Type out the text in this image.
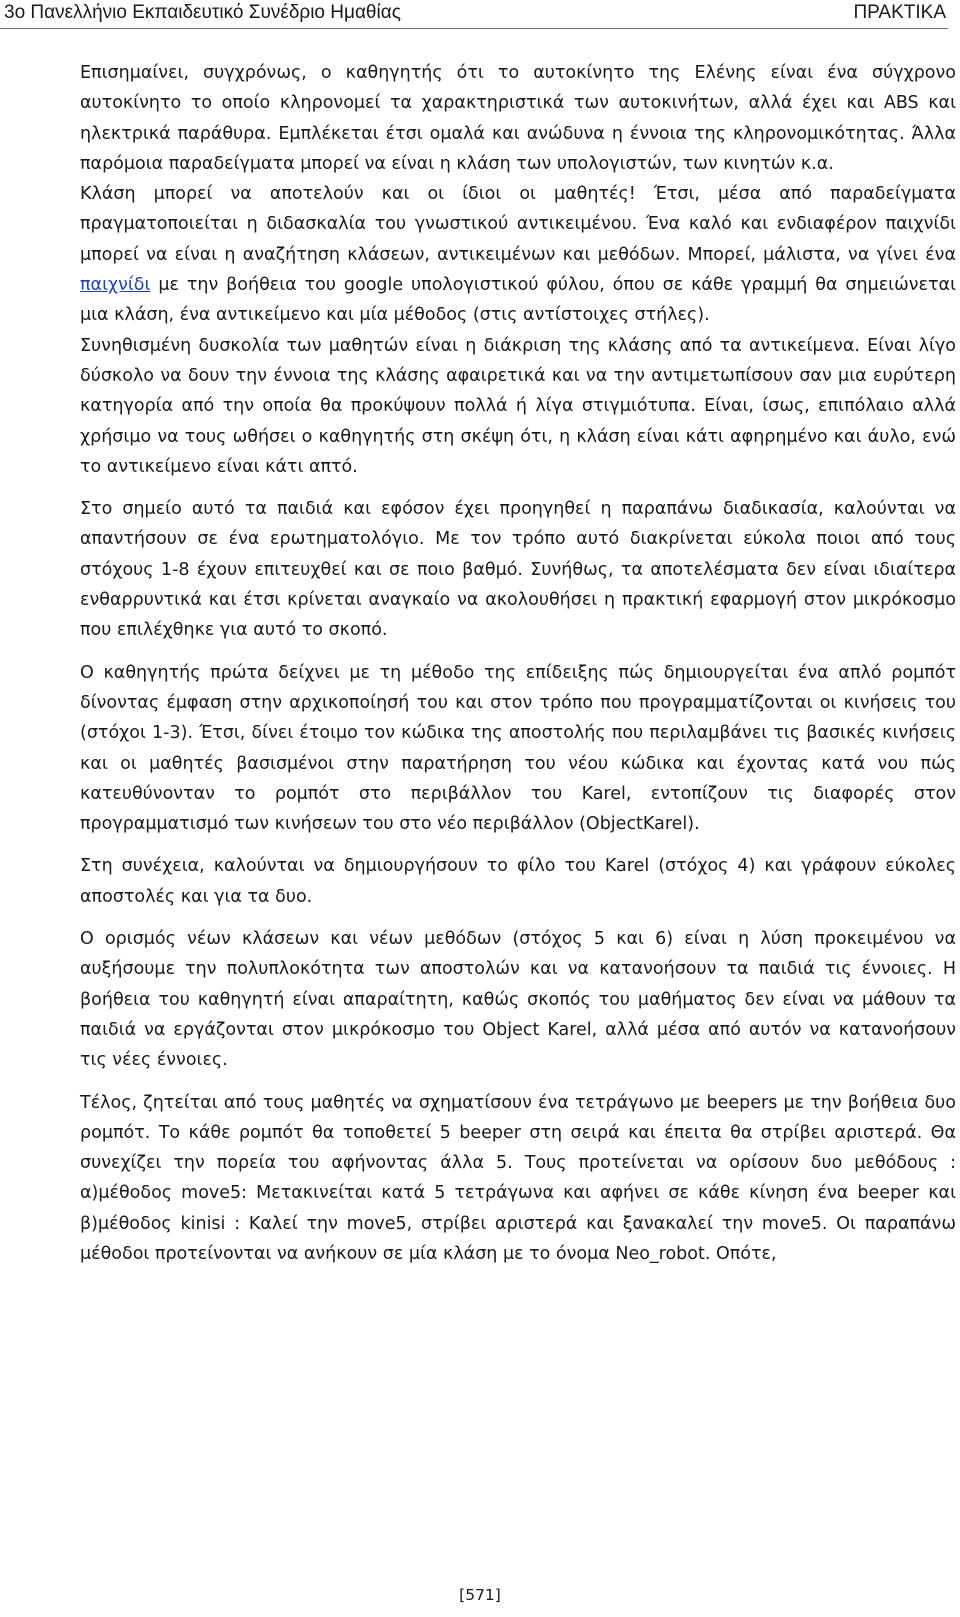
3ο Πανελλήνιο Εκπαιδευτικό Συνέδριο Ημαθίας	ΠΡΑΚΤΙΚΑ

Επισημαίνει, συγχρόνως, ο καθηγητής ότι το αυτοκίνητο της Ελένης είναι ένα σύγχρονο αυτοκίνητο το οποίο κληρονομεί τα χαρακτηριστικά των αυτοκινήτων, αλλά έχει και ABS και ηλεκτρικά παράθυρα. Εμπλέκεται έτσι ομαλά και ανώδυνα η έννοια της κληρονομικότητας. Άλλα παρόμοια παραδείγματα μπορεί να είναι η κλάση των υπολογιστών, των κινητών κ.α.

Κλάση μπορεί να αποτελούν και οι ίδιοι οι μαθητές! Έτσι, μέσα από παραδείγματα πραγματοποιείται η διδασκαλία του γνωστικού αντικειμένου. Ένα καλό και ενδιαφέρον παιχνίδι μπορεί να είναι η αναζήτηση κλάσεων, αντικειμένων και μεθόδων. Μπορεί, μάλιστα, να γίνει ένα παιχνίδι με την βοήθεια του google υπολογιστικού φύλου, όπου σε κάθε γραμμή θα σημειώνεται μια κλάση, ένα αντικείμενο και μία μέθοδος (στις αντίστοιχες στήλες).

Συνηθισμένη δυσκολία των μαθητών είναι η διάκριση της κλάσης από τα αντικείμενα. Είναι λίγο δύσκολο να δουν την έννοια της κλάσης αφαιρετικά και να την αντιμετωπίσουν σαν μια ευρύτερη κατηγορία από την οποία θα προκύψουν πολλά ή λίγα στιγμιότυπα. Είναι, ίσως, επιπόλαιο αλλά χρήσιμο να τους ωθήσει ο καθηγητής στη σκέψη ότι, η κλάση είναι κάτι αφηρημένο και άυλο, ενώ το αντικείμενο είναι κάτι απτό.

Στο σημείο αυτό τα παιδιά και εφόσον έχει προηγηθεί η παραπάνω διαδικασία, καλούνται να απαντήσουν σε ένα ερωτηματολόγιο. Με τον τρόπο αυτό διακρίνεται εύκολα ποιοι από τους στόχους 1-8 έχουν επιτευχθεί και σε ποιο βαθμό. Συνήθως, τα αποτελέσματα δεν είναι ιδιαίτερα ενθαρρυντικά και έτσι κρίνεται αναγκαίο να ακολουθήσει η πρακτική εφαρμογή στον μικρόκοσμο που επιλέχθηκε για αυτό το σκοπό.

Ο καθηγητής πρώτα δείχνει με τη μέθοδο της επίδειξης πώς δημιουργείται ένα απλό ρομπότ δίνοντας έμφαση στην αρχικοποίησή του και στον τρόπο που προγραμματίζονται οι κινήσεις του (στόχοι 1-3). Έτσι, δίνει έτοιμο τον κώδικα της αποστολής που περιλαμβάνει τις βασικές κινήσεις και οι μαθητές βασισμένοι στην παρατήρηση του νέου κώδικα και έχοντας κατά νου πώς κατευθύνονταν το ρομπότ στο περιβάλλον του Karel, εντοπίζουν τις διαφορές στον προγραμματισμό των κινήσεων του στο νέο περιβάλλον (ObjectKarel).

Στη συνέχεια, καλούνται να δημιουργήσουν το φίλο του Karel (στόχος 4) και γράφουν εύκολες αποστολές και για τα δυο.

Ο ορισμός νέων κλάσεων και νέων μεθόδων (στόχος 5 και 6) είναι η λύση προκειμένου να αυξήσουμε την πολυπλοκότητα των αποστολών και να κατανοήσουν τα παιδιά τις έννοιες. Η βοήθεια του καθηγητή είναι απαραίτητη, καθώς σκοπός του μαθήματος δεν είναι να μάθουν τα παιδιά να εργάζονται στον μικρόκοσμο του Object Karel, αλλά μέσα από αυτόν να κατανοήσουν τις νέες έννοιες.

Τέλος, ζητείται από τους μαθητές να σχηματίσουν ένα τετράγωνο με beepers με την βοήθεια δυο ρομπότ. Το κάθε ρομπότ θα τοποθετεί 5 beeper στη σειρά και έπειτα θα στρίβει αριστερά. Θα συνεχίζει την πορεία του αφήνοντας άλλα 5. Τους προτείνεται να ορίσουν δυο μεθόδους : α)μέθοδος move5: Μετακινείται κατά 5 τετράγωνα και αφήνει σε κάθε κίνηση ένα beeper και β)μέθοδος kinisi : Καλεί την move5, στρίβει αριστερά και ξανακαλεί την move5. Οι παραπάνω μέθοδοι προτείνονται να ανήκουν σε μία κλάση με το όνομα Neo_robot. Οπότε,

[571]
